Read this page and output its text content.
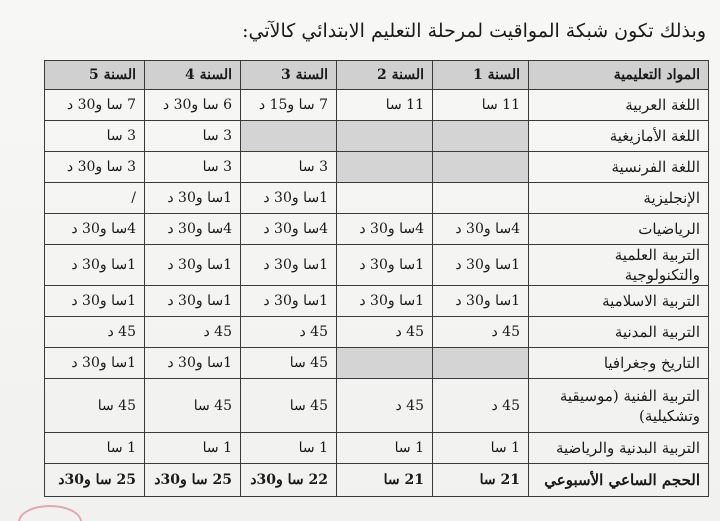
وبذلك تكون شبكة المواقيت لمرحلة التعليم الابتدائي كالآتي:
المواد التعليمية	السنة 1	السنة 2	السنة 3	السنة 4	السنة 5
اللغة العربية	11 سا	11 سا	7 سا و15 د	6 سا و30 د	7 سا و30 د
اللغة الأمازيغية				3 سا	3 سا
اللغة الفرنسية			3 سا	3 سا	3 سا و30 د
الإنجليزية			1سا و30 د	1سا و30 د	/
الرياضيات	4سا و30 د	4سا و30 د	4سا و30 د	4سا و30 د	4سا و30 د
التربية العلمية والتكنولوجية	1سا و30 د	1سا و30 د	1سا و30 د	1سا و30 د	1سا و30 د
التربية الاسلامية	1سا و30 د	1سا و30 د	1سا و30 د	1سا و30 د	1سا و30 د
التربية المدنية	45 د	45 د	45 د	45 د	45 د
التاريخ وجغرافيا			45 سا	1سا و30 د	1سا و30 د
التربية الفنية (موسيقية وتشكيلية)	45 د	45 د	45 سا	45 سا	45 سا
التربية البدنية والرياضية	1 سا	1 سا	1 سا	1 سا	1 سا
الحجم الساعي الأسبوعي	21 سا	21 سا	22 سا و30د	25 سا و30د	25 سا و30د
